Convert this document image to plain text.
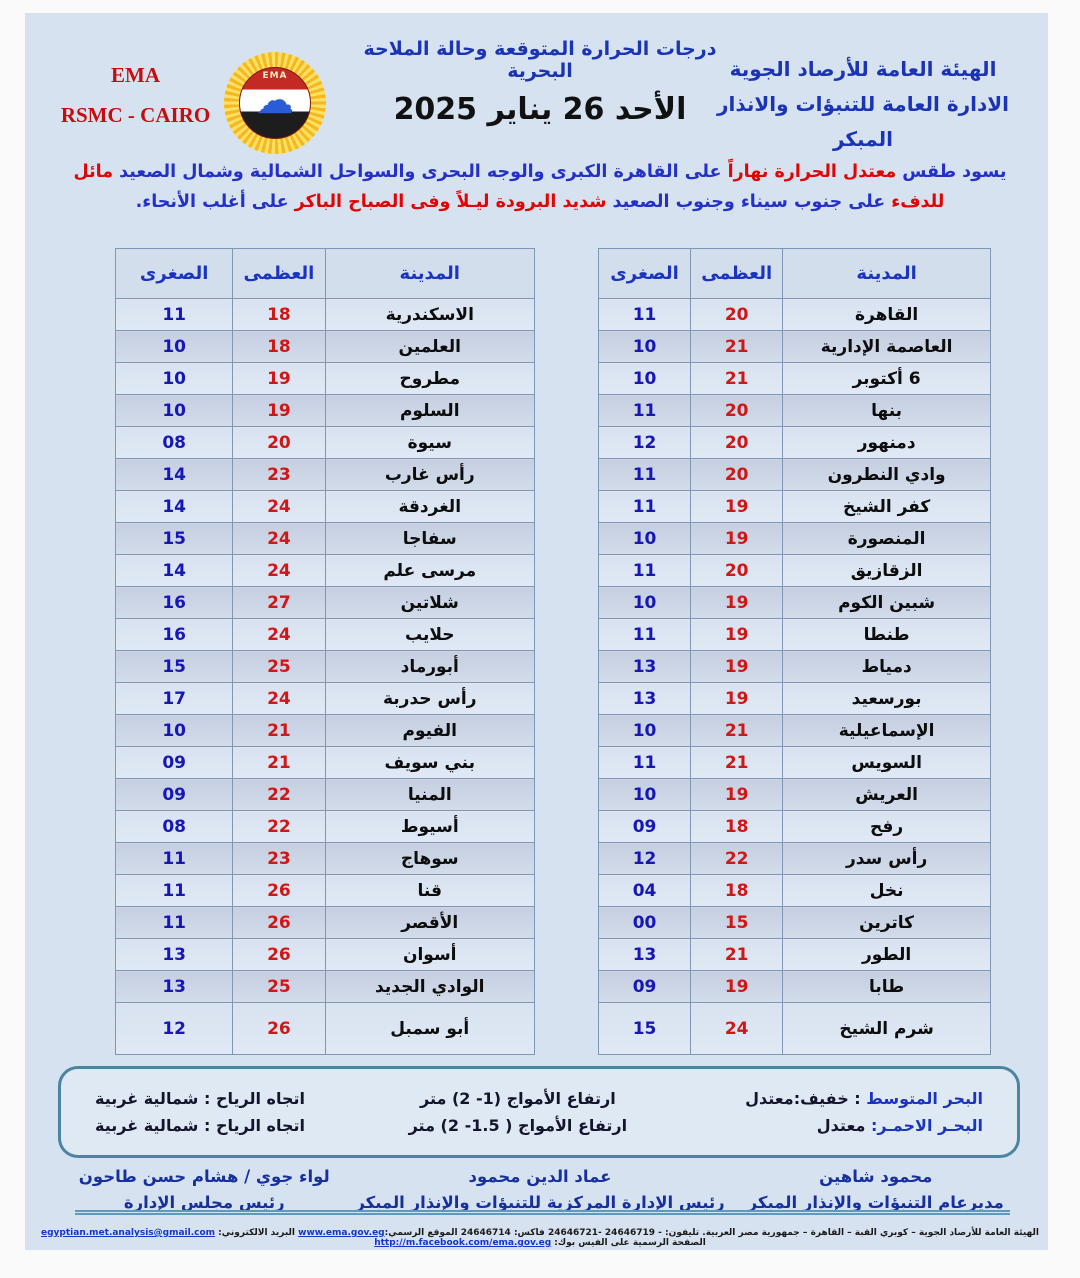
الهيئة العامة للأرصاد الجوية
الادارة العامة للتنبؤات والانذار المبكر
درجات الحرارة المتوقعة وحالة الملاحة البحرية
الأحد 26 يناير 2025
EMA
RSMC - CAIRO
EMA
☁
يسود طقس معتدل الحرارة نهاراً على القاهرة الكبرى والوجه البحرى والسواحل الشمالية وشمال الصعيد مائل للدفء على جنوب سيناء وجنوب الصعيد شديد البرودة ليـلاً وفى الصباح الباكر على أغلب الأنحاء.
المدينة	العظمى	الصغرى
القاهرة	20	11
العاصمة الإدارية	21	10
6 أكتوبر	21	10
بنها	20	11
دمنهور	20	12
وادي النطرون	20	11
كفر الشيخ	19	11
المنصورة	19	10
الزقازيق	20	11
شبين الكوم	19	10
طنطا	19	11
دمياط	19	13
بورسعيد	19	13
الإسماعيلية	21	10
السويس	21	11
العريش	19	10
رفح	18	09
رأس سدر	22	12
نخل	18	04
كاترين	15	00
الطور	21	13
طابا	19	09
شرم الشيخ	24	15
المدينة	العظمى	الصغرى
الاسكندرية	18	11
العلمين	18	10
مطروح	19	10
السلوم	19	10
سيوة	20	08
رأس غارب	23	14
الغردقة	24	14
سفاجا	24	15
مرسى علم	24	14
شلاتين	27	16
حلايب	24	16
أبورماد	25	15
رأس حدربة	24	17
الفيوم	21	10
بني سويف	21	09
المنيا	22	09
أسيوط	22	08
سوهاج	23	11
قنا	26	11
الأقصر	26	11
أسوان	26	13
الوادي الجديد	25	13
أبو سمبل	26	12
البحر المتوسط : خفيف:معتدل
ارتفاع الأمواج (1- 2) متر
اتجاه الرياح : شمالية غربية
البحـر الاحمـر: معتدل
ارتفاع الأمواج ( 1.5- 2) متر
اتجاه الرياح : شمالية غربية
محمود شاهين
مديرعام التنبؤات والإنذار المبكر
عماد الدين محمود
رئيس الإدارة المركزية للتنبؤات والإنذار المبكر
لواء جوي / هشام حسن طاحون
رئيس مجلس الإدارة
الهيئة العامة للأرصاد الجوية – كوبري القبة – القاهرة – جمهورية مصر العربية. تليفون: - 24646719 -24646721 فاكس: 24646714 الموقع الرسمي:www.ema.gov.eg البريد الالكتروني: egyptian.met.analysis@gmail.com الصفحة الرسمية على الفيس بوك: http://m.facebook.com/ema.gov.eg
